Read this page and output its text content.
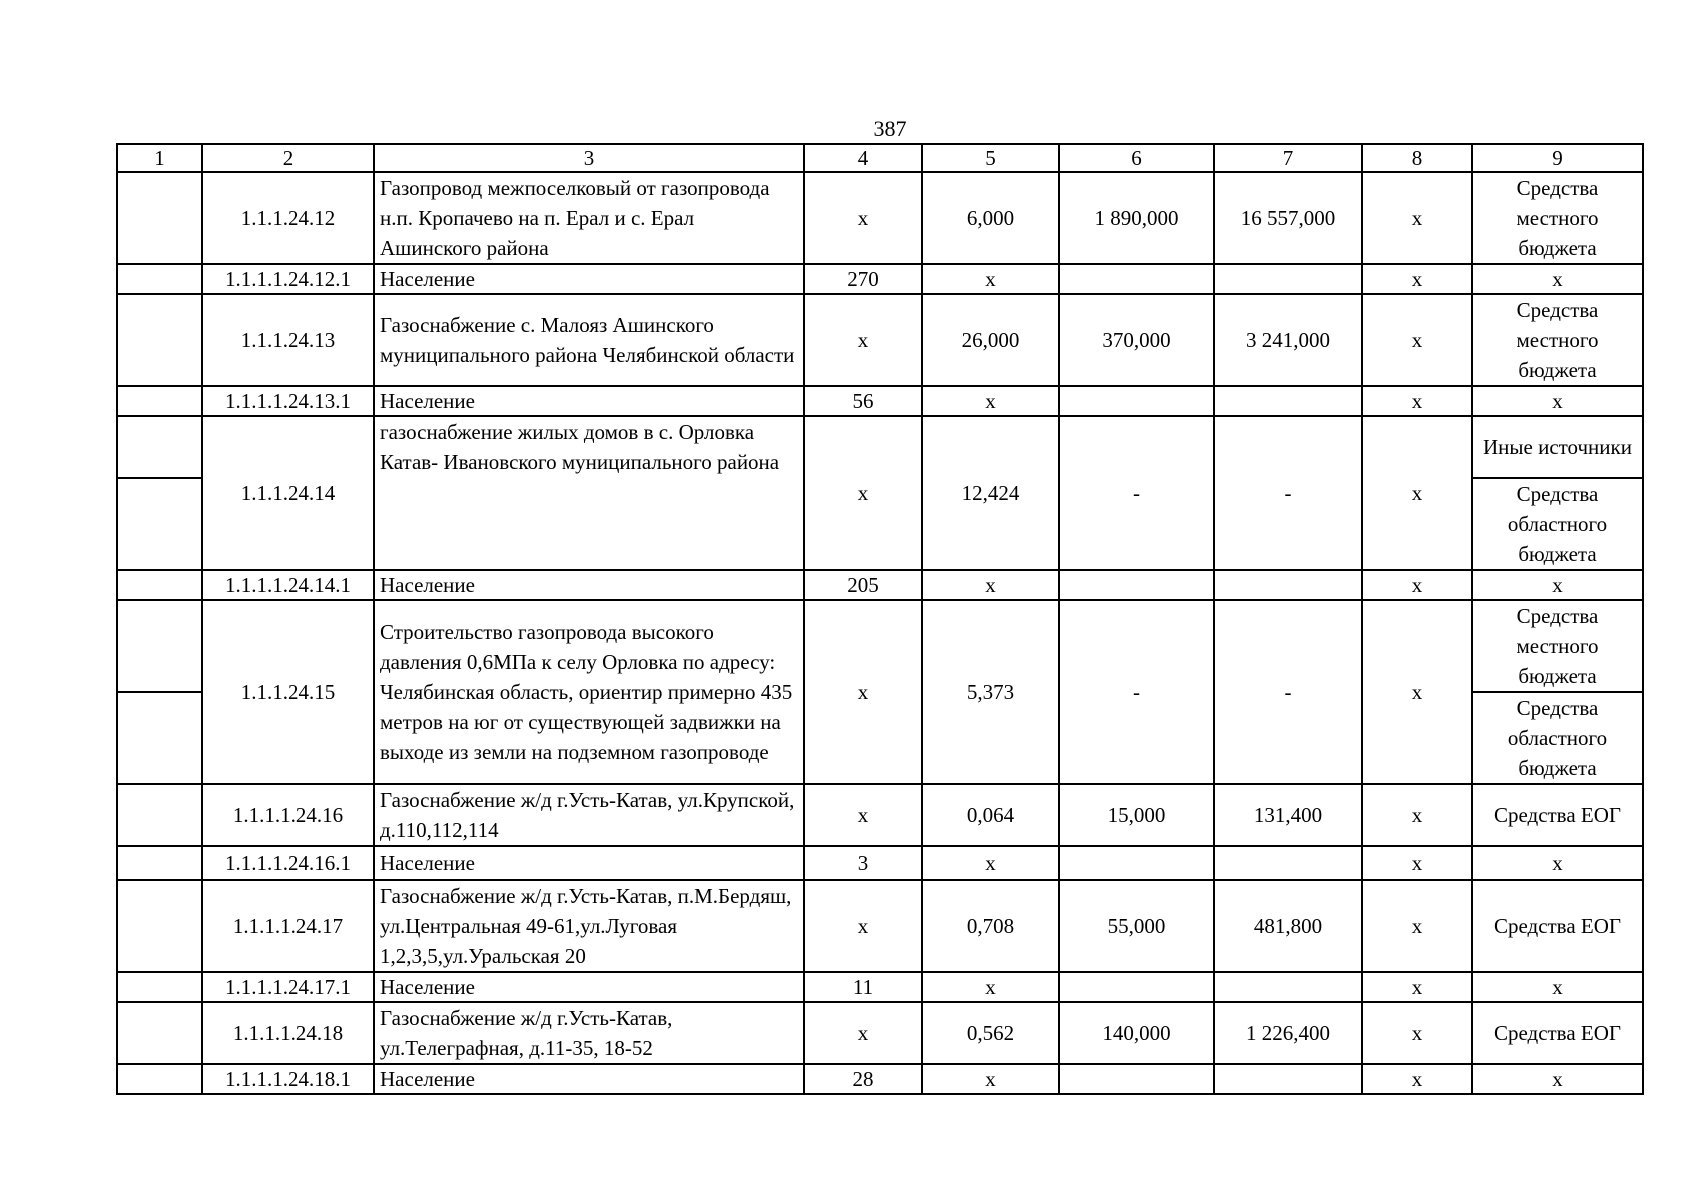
387
1	2	3	4	5	6	7	8	9
	1.1.1.24.12	Газопровод межпоселковый от газопровода н.п. Кропачево на п. Ерал и с. Ерал Ашинского района	х	6,000	1 890,000	16 557,000	х	Средства местного бюджета
	1.1.1.1.24.12.1	Население	270	х			х	х
	1.1.1.24.13	Газоснабжение с. Малояз Ашинского муниципального района Челябинской области	х	26,000	370,000	3 241,000	х	Средства местного бюджета
	1.1.1.1.24.13.1	Население	56	х			х	х
	1.1.1.24.14	газоснабжение жилых домов в с. Орловка Катав- Ивановского муниципального района	х	12,424	-	-	х	Иные источники
								Средства областного бюджета
	1.1.1.1.24.14.1	Население	205	х			х	х
	1.1.1.24.15	Строительство газопровода высокого давления 0,6МПа к селу Орловка по адресу: Челябинская область, ориентир примерно 435 метров на юг от существующей задвижки на выходе из земли на подземном газопроводе	х	5,373	-	-	х	Средства местного бюджета
								Средства областного бюджета
	1.1.1.1.24.16	Газоснабжение ж/д г.Усть-Катав, ул.Крупской, д.110,112,114	х	0,064	15,000	131,400	х	Средства ЕОГ
	1.1.1.1.24.16.1	Население	3	х			х	х
	1.1.1.1.24.17	Газоснабжение ж/д г.Усть-Катав, п.М.Бердяш, ул.Центральная 49-61,ул.Луговая 1,2,3,5,ул.Уральская 20	х	0,708	55,000	481,800	х	Средства ЕОГ
	1.1.1.1.24.17.1	Население	11	х			х	х
	1.1.1.1.24.18	Газоснабжение ж/д г.Усть-Катав, ул.Телеграфная, д.11-35, 18-52	х	0,562	140,000	1 226,400	х	Средства ЕОГ
	1.1.1.1.24.18.1	Население	28	х			х	х
